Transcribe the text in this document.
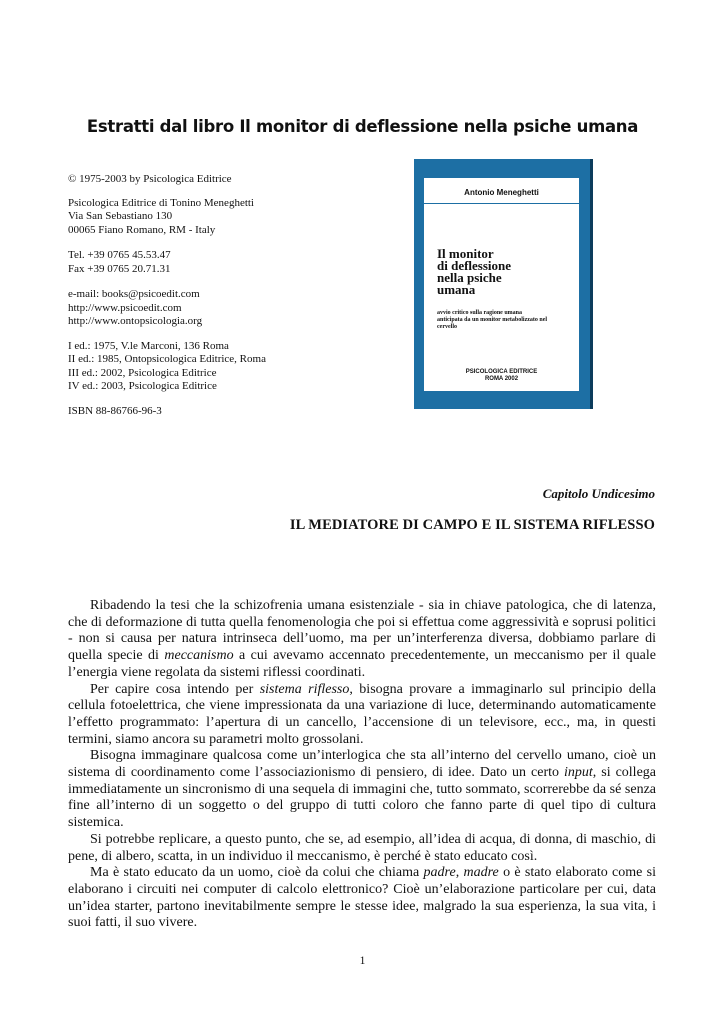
Estratti dal libro Il monitor di deflessione nella psiche umana
© 1975-2003 by Psicologica Editrice
Psicologica Editrice di Tonino Meneghetti
Via San Sebastiano 130
00065 Fiano Romano, RM - Italy
Tel. +39 0765 45.53.47
Fax +39 0765 20.71.31
e-mail: books@psicoedit.com
http://www.psicoedit.com
http://www.ontopsicologia.org
I ed.: 1975, V.le Marconi, 136 Roma
II ed.: 1985, Ontopsicologica Editrice, Roma
III ed.: 2002, Psicologica Editrice
IV ed.: 2003, Psicologica Editrice
ISBN 88-86766-96-3
Antonio Meneghetti
Il monitor
di deflessione
nella psiche
umana
avvio critico sulla ragione umana
anticipata da un monitor metabolizzato nel
cervello
PSICOLOGICA EDITRICE
ROMA 2002
Capitolo Undicesimo
IL MEDIATORE DI CAMPO E IL SISTEMA RIFLESSO

Ribadendo la tesi che la schizofrenia umana esistenziale - sia in chiave patologica, che di latenza, che di deformazione di tutta quella fenomenologia che poi si effettua come aggressività e soprusi politici - non si causa per natura intrinseca dell’uomo, ma per un’interferenza diversa, dobbiamo parlare di quella specie di meccanismo a cui avevamo accennato precedentemente, un meccanismo per il quale l’energia viene regolata da sistemi riflessi coordinati.

Per capire cosa intendo per sistema riflesso, bisogna provare a immaginarlo sul principio della cellula fotoelettrica, che viene impressionata da una variazione di luce, determinando automaticamente l’effetto programmato: l’apertura di un cancello, l’accensione di un televisore, ecc., ma, in questi termini, siamo ancora su parametri molto grossolani.

Bisogna immaginare qualcosa come un’interlogica che sta all’interno del cervello umano, cioè un sistema di coordinamento come l’associazionismo di pensiero, di idee. Dato un certo input, si collega immediatamente un sincronismo di una sequela di immagini che, tutto sommato, scorrerebbe da sé senza fine all’interno di un soggetto o del gruppo di tutti coloro che fanno parte di quel tipo di cultura sistemica.

Si potrebbe replicare, a questo punto, che se, ad esempio, all’idea di acqua, di donna, di maschio, di pene, di albero, scatta, in un individuo il meccanismo, è perché è stato educato così.

Ma è stato educato da un uomo, cioè da colui che chiama padre, madre o è stato elaborato come si elaborano i circuiti nei computer di calcolo elettronico? Cioè un’elaborazione particolare per cui, data un’idea starter, partono inevitabilmente sempre le stesse idee, malgrado la sua esperienza, la sua vita, i suoi fatti, il suo vivere.

1
